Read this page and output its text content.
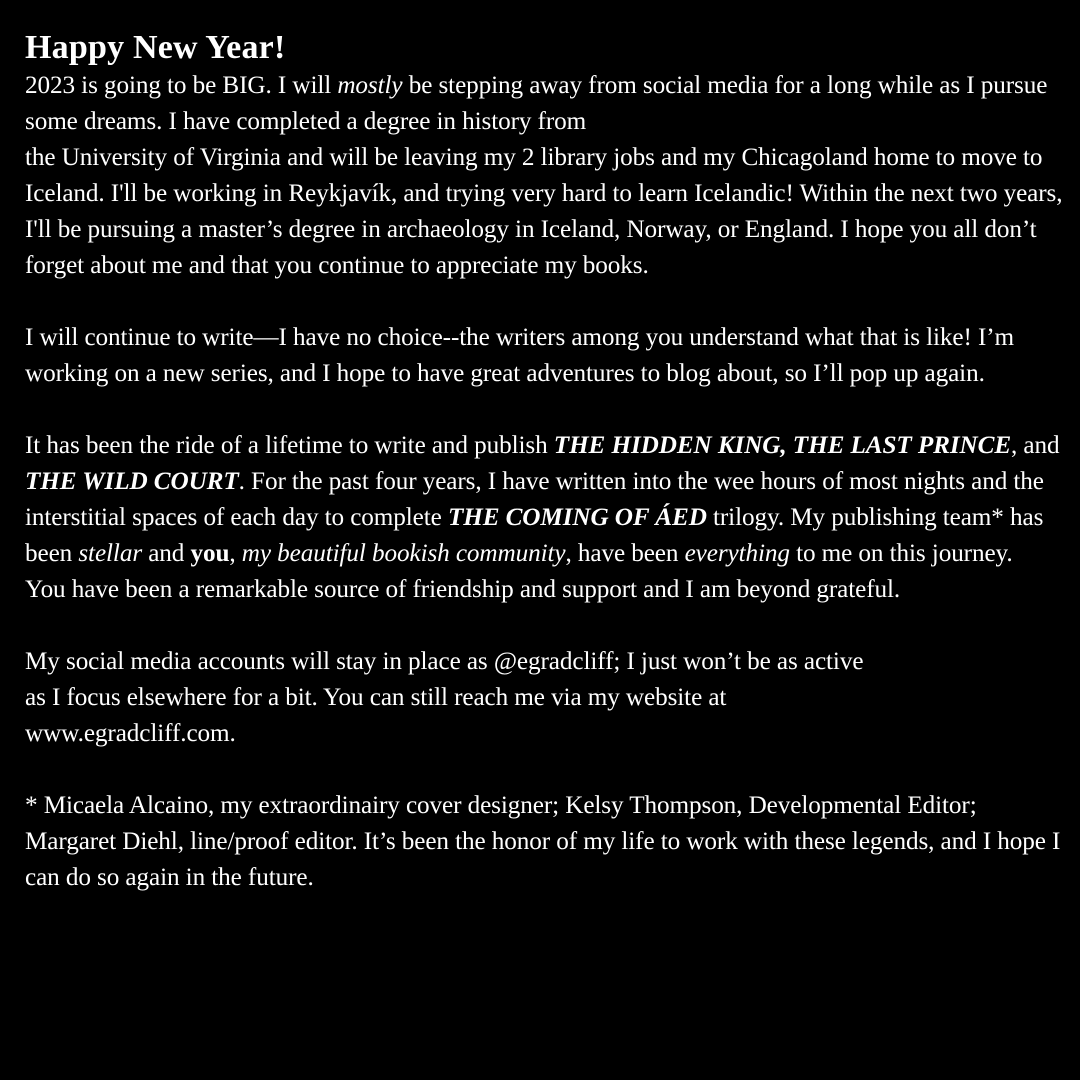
Happy New Year!

2023 is going to be BIG. I will mostly be stepping away from social media for a long while as I pursue some dreams. I have completed a degree in history from
the University of Virginia and will be leaving my 2 library jobs and my Chicagoland home to move to Iceland. I'll be working in Reykjavík, and trying very hard to learn Icelandic! Within the next two years, I'll be pursuing a master’s degree in archaeology in Iceland, Norway, or England. I hope you all don’t forget about me and that you continue to appreciate my books.

I will continue to write—I have no choice--the writers among you understand what that is like! I’m working on a new series, and I hope to have great adventures to blog about, so I’ll pop up again.

It has been the ride of a lifetime to write and publish THE HIDDEN KING, THE LAST PRINCE, and THE WILD COURT. For the past four years, I have written into the wee hours of most nights and the interstitial spaces of each day to complete THE COMING OF ÁED trilogy. My publishing team* has been stellar and you, my beautiful bookish community, have been everything to me on this journey.
You have been a remarkable source of friendship and support and I am beyond grateful.

My social media accounts will stay in place as @egradcliff; I just won’t be as active
as I focus elsewhere for a bit. You can still reach me via my website at
www.egradcliff.com.

* Micaela Alcaino, my extraordinairy cover designer; Kelsy Thompson, Developmental Editor; Margaret Diehl, line/proof editor. It’s been the honor of my life to work with these legends, and I hope I can do so again in the future.
